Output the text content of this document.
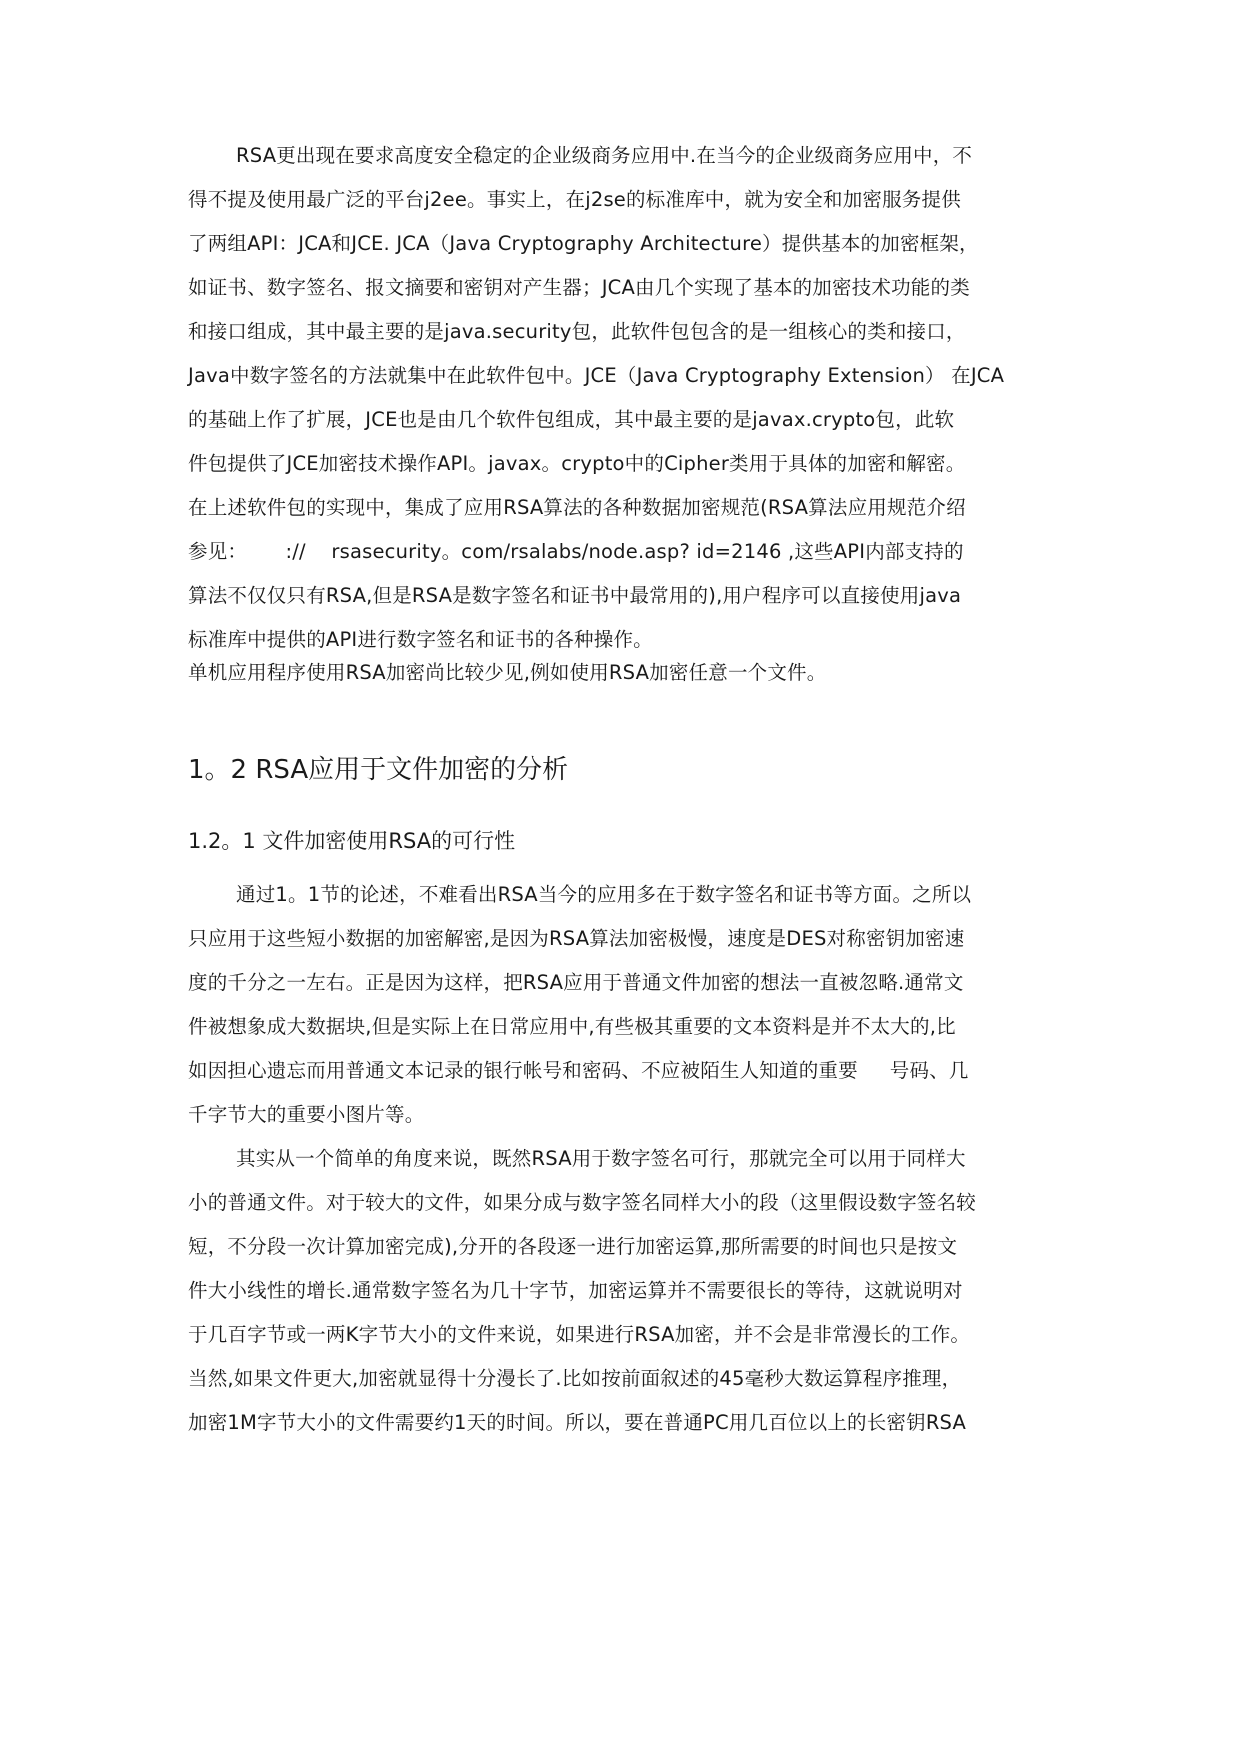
RSA更出现在要求高度安全稳定的企业级商务应用中.在当今的企业级商务应用中，不
得不提及使用最广泛的平台j2ee。事实上，在j2se的标准库中，就为安全和加密服务提供
了两组API：JCA和JCE. JCA（Java Cryptography Architecture）提供基本的加密框架，
如证书、数字签名、报文摘要和密钥对产生器；JCA由几个实现了基本的加密技术功能的类
和接口组成，其中最主要的是java.security包，此软件包包含的是一组核心的类和接口，
Java中数字签名的方法就集中在此软件包中。JCE（Java Cryptography Extension） 在JCA
的基础上作了扩展，JCE也是由几个软件包组成，其中最主要的是javax.crypto包，此软
件包提供了JCE加密技术操作API。javax。crypto中的Cipher类用于具体的加密和解密。
在上述软件包的实现中，集成了应用RSA算法的各种数据加密规范(RSA算法应用规范介绍
参见：      ://    rsasecurity。com/rsalabs/node.asp? id=2146 ,这些API内部支持的
算法不仅仅只有RSA,但是RSA是数字签名和证书中最常用的),用户程序可以直接使用java
标准库中提供的API进行数字签名和证书的各种操作。
单机应用程序使用RSA加密尚比较少见,例如使用RSA加密任意一个文件。
1。2 RSA应用于文件加密的分析
1.2。1 文件加密使用RSA的可行性
通过1。1节的论述，不难看出RSA当今的应用多在于数字签名和证书等方面。之所以
只应用于这些短小数据的加密解密,是因为RSA算法加密极慢，速度是DES对称密钥加密速
度的千分之一左右。正是因为这样，把RSA应用于普通文件加密的想法一直被忽略.通常文
件被想象成大数据块,但是实际上在日常应用中,有些极其重要的文本资料是并不太大的,比
如因担心遗忘而用普通文本记录的银行帐号和密码、不应被陌生人知道的重要     号码、几
千字节大的重要小图片等。
其实从一个简单的角度来说，既然RSA用于数字签名可行，那就完全可以用于同样大
小的普通文件。对于较大的文件，如果分成与数字签名同样大小的段（这里假设数字签名较
短，不分段一次计算加密完成),分开的各段逐一进行加密运算,那所需要的时间也只是按文
件大小线性的增长.通常数字签名为几十字节，加密运算并不需要很长的等待，这就说明对
于几百字节或一两K字节大小的文件来说，如果进行RSA加密，并不会是非常漫长的工作。
当然,如果文件更大,加密就显得十分漫长了.比如按前面叙述的45毫秒大数运算程序推理，
加密1M字节大小的文件需要约1天的时间。所以，要在普通PC用几百位以上的长密钥RSA
